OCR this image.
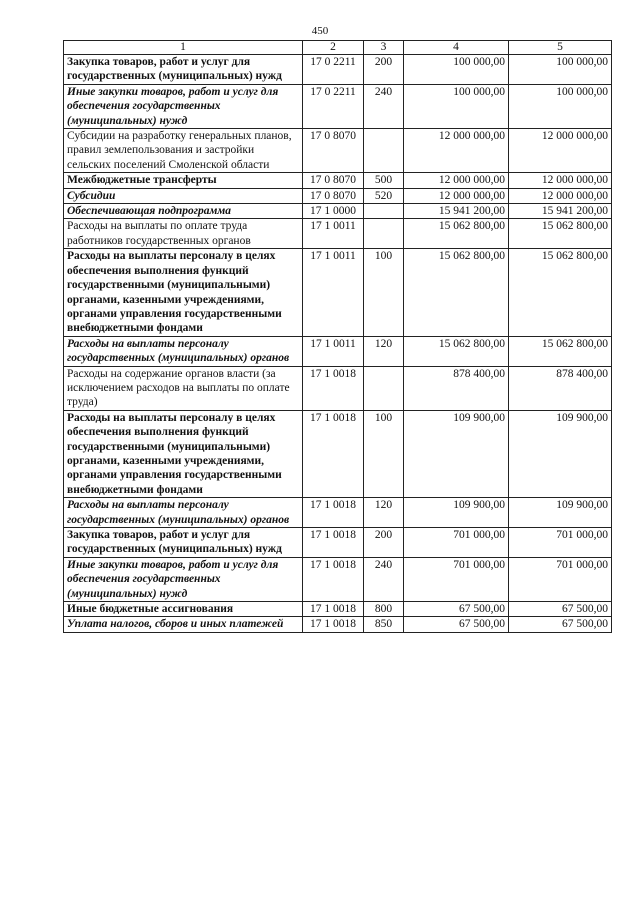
450
1	2	3	4	5
Закупка товаров, работ и услуг для государственных (муниципальных) нужд	17 0 2211	200	100 000,00	100 000,00
Иные закупки товаров, работ и услуг для обеспечения государственных (муниципальных) нужд	17 0 2211	240	100 000,00	100 000,00
Субсидии на разработку генеральных планов, правил землепользования и застройки сельских поселений Смоленской области	17 0 8070		12 000 000,00	12 000 000,00
Межбюджетные трансферты	17 0 8070	500	12 000 000,00	12 000 000,00
Субсидии	17 0 8070	520	12 000 000,00	12 000 000,00
Обеспечивающая подпрограмма	17 1 0000		15 941 200,00	15 941 200,00
Расходы на выплаты по оплате труда работников государственных органов	17 1 0011		15 062 800,00	15 062 800,00
Расходы на выплаты персоналу в целях обеспечения выполнения функций государственными (муниципальными) органами, казенными учреждениями, органами управления государственными внебюджетными фондами	17 1 0011	100	15 062 800,00	15 062 800,00
Расходы на выплаты персоналу государственных (муниципальных) органов	17 1 0011	120	15 062 800,00	15 062 800,00
Расходы на содержание органов власти (за исключением расходов на выплаты по оплате труда)	17 1 0018		878 400,00	878 400,00
Расходы на выплаты персоналу в целях обеспечения выполнения функций государственными (муниципальными) органами, казенными учреждениями, органами управления государственными внебюджетными фондами	17 1 0018	100	109 900,00	109 900,00
Расходы на выплаты персоналу государственных (муниципальных) органов	17 1 0018	120	109 900,00	109 900,00
Закупка товаров, работ и услуг для государственных (муниципальных) нужд	17 1 0018	200	701 000,00	701 000,00
Иные закупки товаров, работ и услуг для обеспечения государственных (муниципальных) нужд	17 1 0018	240	701 000,00	701 000,00
Иные бюджетные ассигнования	17 1 0018	800	67 500,00	67 500,00
Уплата налогов, сборов и иных платежей	17 1 0018	850	67 500,00	67 500,00
